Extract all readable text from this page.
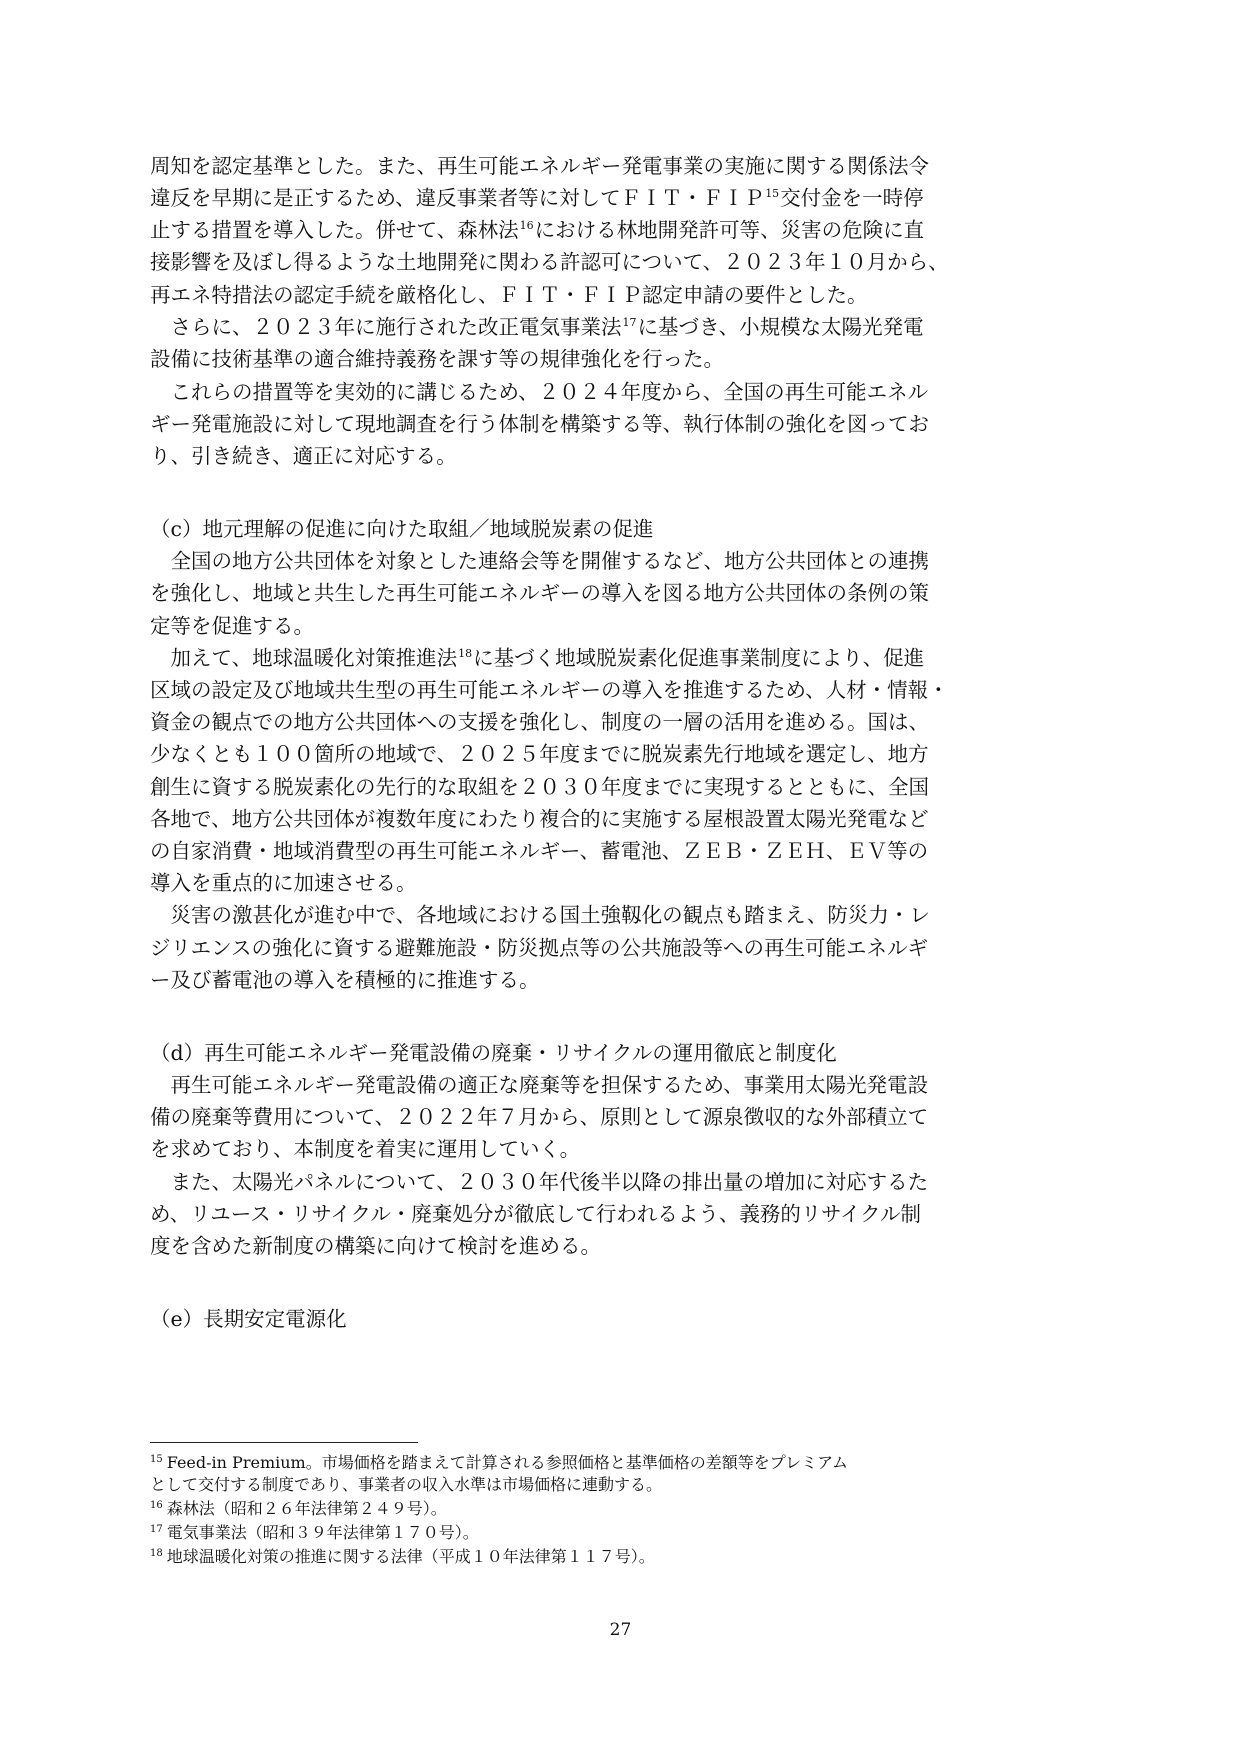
周知を認定基準とした。また、再生可能エネルギー発電事業の実施に関する関係法令
違反を早期に是正するため、違反事業者等に対してＦＩＴ・ＦＩＰ$^{15}$交付金を一時停
止する措置を導入した。併せて、森林法$^{16}$における林地開発許可等、災害の危険に直
接影響を及ぼし得るような土地開発に関わる許認可について、２０２３年１０月から、
再エネ特措法の認定手続を厳格化し、ＦＩＴ・ＦＩＰ認定申請の要件とした。
　さらに、２０２３年に施行された改正電気事業法$^{17}$に基づき、小規模な太陽光発電
設備に技術基準の適合維持義務を課す等の規律強化を行った。
　これらの措置等を実効的に講じるため、２０２４年度から、全国の再生可能エネル
ギー発電施設に対して現地調査を行う体制を構築する等、執行体制の強化を図ってお
り、引き続き、適正に対応する。
（c）地元理解の促進に向けた取組／地域脱炭素の促進
　全国の地方公共団体を対象とした連絡会等を開催するなど、地方公共団体との連携
を強化し、地域と共生した再生可能エネルギーの導入を図る地方公共団体の条例の策
定等を促進する。
　加えて、地球温暖化対策推進法$^{18}$に基づく地域脱炭素化促進事業制度により、促進
区域の設定及び地域共生型の再生可能エネルギーの導入を推進するため、人材・情報・
資金の観点での地方公共団体への支援を強化し、制度の一層の活用を進める。国は、
少なくとも１００箇所の地域で、２０２５年度までに脱炭素先行地域を選定し、地方
創生に資する脱炭素化の先行的な取組を２０３０年度までに実現するとともに、全国
各地で、地方公共団体が複数年度にわたり複合的に実施する屋根設置太陽光発電など
の自家消費・地域消費型の再生可能エネルギー、蓄電池、ＺＥＢ・ＺＥＨ、ＥＶ等の
導入を重点的に加速させる。
　災害の激甚化が進む中で、各地域における国土強靱化の観点も踏まえ、防災力・レ
ジリエンスの強化に資する避難施設・防災拠点等の公共施設等への再生可能エネルギ
ー及び蓄電池の導入を積極的に推進する。
（d）再生可能エネルギー発電設備の廃棄・リサイクルの運用徹底と制度化
　再生可能エネルギー発電設備の適正な廃棄等を担保するため、事業用太陽光発電設
備の廃棄等費用について、２０２２年７月から、原則として源泉徴収的な外部積立て
を求めており、本制度を着実に運用していく。
　また、太陽光パネルについて、２０３０年代後半以降の排出量の増加に対応するた
め、リユース・リサイクル・廃棄処分が徹底して行われるよう、義務的リサイクル制
度を含めた新制度の構築に向けて検討を進める。
（e）長期安定電源化
$^{15}$ Feed-in Premium。市場価格を踏まえて計算される参照価格と基準価格の差額等をプレミアム
として交付する制度であり、事業者の収入水準は市場価格に連動する。
$^{16}$ 森林法（昭和２６年法律第２４９号）。
$^{17}$ 電気事業法（昭和３９年法律第１７０号）。
$^{18}$ 地球温暖化対策の推進に関する法律（平成１０年法律第１１７号）。
27
